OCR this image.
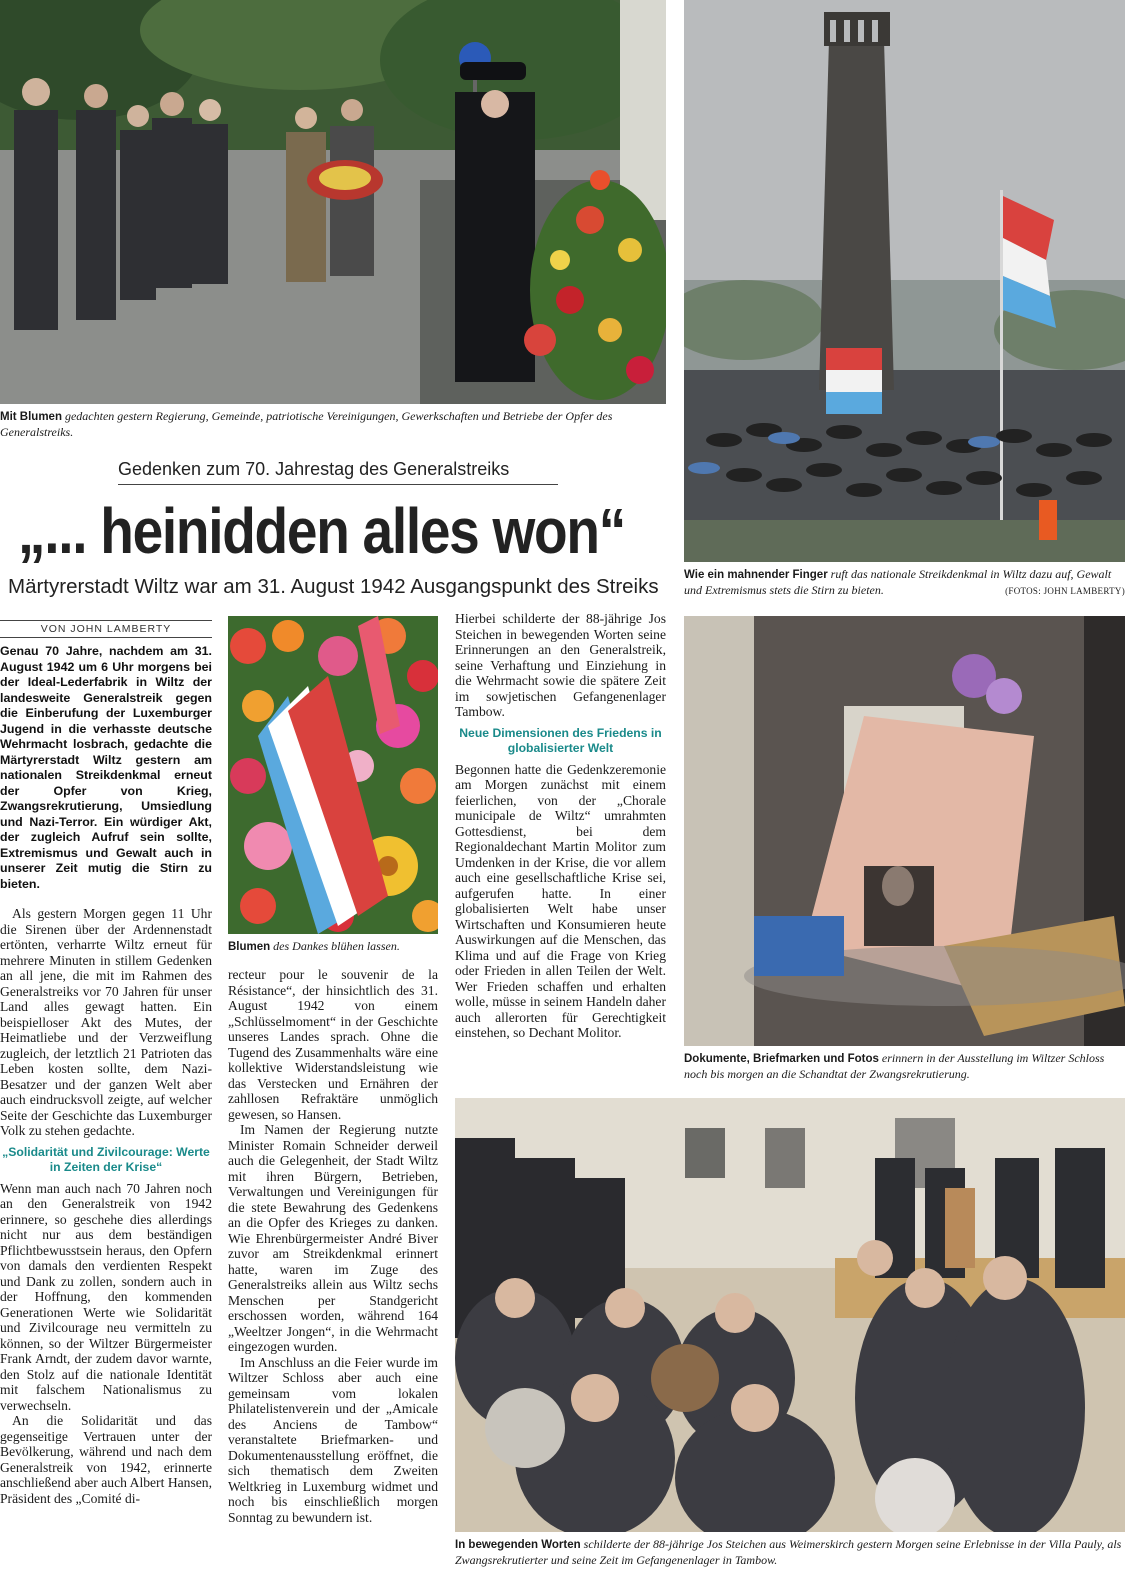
Mit Blumen gedachten gestern Regierung, Gemeinde, patriotische Vereinigungen, Gewerkschaften und Betriebe der Opfer des Generalstreiks.
Wie ein mahnender Finger ruft das nationale Streikdenkmal in Wiltz dazu auf, Gewalt und Extremismus stets die Stirn zu bieten.	(FOTOS: JOHN LAMBERTY)
Gedenken zum 70. Jahrestag des Generalstreiks
„... heinidden alles won“
Märtyrerstadt Wiltz war am 31. August 1942 Ausgangspunkt des Streiks
VON JOHN LAMBERTY
Genau 70 Jahre, nachdem am 31. August 1942 um 6 Uhr morgens bei der Ideal-Lederfabrik in Wiltz der landesweite Generalstreik gegen die Einberufung der Luxemburger Jugend in die verhasste deutsche Wehrmacht losbrach, gedachte die Märtyrerstadt Wiltz gestern am nationalen Streikdenkmal erneut der Opfer von Krieg, Zwangsrekrutierung, Umsiedlung und Nazi-Terror. Ein würdiger Akt, der zugleich Aufruf sein sollte, Extremismus und Gewalt auch in unserer Zeit mutig die Stirn zu bieten.

Als gestern Morgen gegen 11 Uhr die Sirenen über der Ardennenstadt ertönten, verharrte Wiltz erneut für mehrere Minuten in stillem Gedenken an all jene, die mit im Rahmen des Generalstreiks vor 70 Jahren für unser Land alles gewagt hatten. Ein beispielloser Akt des Mutes, der Heimatliebe und der Verzweiflung zugleich, der letztlich 21 Patrioten das Leben kosten sollte, dem Nazi-Besatzer und der ganzen Welt aber auch eindrucksvoll zeigte, auf welcher Seite der Geschichte das Luxemburger Volk zu stehen gedachte.

„Solidarität und Zivilcourage: Werte in Zeiten der Krise“

Wenn man auch nach 70 Jahren noch an den Generalstreik von 1942 erinnere, so geschehe dies allerdings nicht nur aus dem beständigen Pflichtbewusstsein heraus, den Opfern von damals den verdienten Respekt und Dank zu zollen, sondern auch in der Hoffnung, den kommenden Generationen Werte wie Solidarität und Zivilcourage neu vermitteln zu können, so der Wiltzer Bürgermeister Frank Arndt, der zudem davor warnte, den Stolz auf die nationale Identität mit falschem Nationalismus zu verwechseln.

An die Solidarität und das gegenseitige Vertrauen unter der Bevölkerung, während und nach dem Generalstreik von 1942, erinnerte anschließend aber auch Albert Hansen, Präsident des „Comité di-

Blumen des Dankes blühen lassen.

recteur pour le souvenir de la Résistance“, der hinsichtlich des 31. August 1942 von einem „Schlüsselmoment“ in der Geschichte unseres Landes sprach. Ohne die Tugend des Zusammenhalts wäre eine kollektive Widerstandsleistung wie das Verstecken und Ernähren der zahllosen Refraktäre unmöglich gewesen, so Hansen.

Im Namen der Regierung nutzte Minister Romain Schneider derweil auch die Gelegenheit, der Stadt Wiltz mit ihren Bürgern, Betrieben, Verwaltungen und Vereinigungen für die stete Bewahrung des Gedenkens an die Opfer des Krieges zu danken. Wie Ehrenbürgermeister André Biver zuvor am Streikdenkmal erinnert hatte, waren im Zuge des Generalstreiks allein aus Wiltz sechs Menschen per Standgericht erschossen worden, während 164 „Weeltzer Jongen“, in die Wehrmacht eingezogen wurden.

Im Anschluss an die Feier wurde im Wiltzer Schloss aber auch eine gemeinsam vom lokalen Philatelistenverein und der „Amicale des Anciens de Tambow“ veranstaltete Briefmarken- und Dokumentenausstellung eröffnet, die sich thematisch dem Zweiten Weltkrieg in Luxemburg widmet und noch bis einschließlich morgen Sonntag zu bewundern ist.

Hierbei schilderte der 88-jährige Jos Steichen in bewegenden Worten seine Erinnerungen an den Generalstreik, seine Verhaftung und Einziehung in die Wehrmacht sowie die spätere Zeit im sowjetischen Gefangenenlager Tambow.

Neue Dimensionen des Friedens in globalisierter Welt

Begonnen hatte die Gedenkzeremonie am Morgen zunächst mit einem feierlichen, von der „Chorale municipale de Wiltz“ umrahmten Gottesdienst, bei dem Regionaldechant Martin Molitor zum Umdenken in der Krise, die vor allem auch eine gesellschaftliche Krise sei, aufgerufen hatte. In einer globalisierten Welt habe unser Wirtschaften und Konsumieren heute Auswirkungen auf die Menschen, das Klima und auf die Frage von Krieg oder Frieden in allen Teilen der Welt. Wer Frieden schaffen und erhalten wolle, müsse in seinem Handeln daher auch allerorten für Gerechtigkeit einstehen, so Dechant Molitor.

Dokumente, Briefmarken und Fotos erinnern in der Ausstellung im Wiltzer Schloss noch bis morgen an die Schandtat der Zwangsrekrutierung.
In bewegenden Worten schilderte der 88-jährige Jos Steichen aus Weimerskirch gestern Morgen seine Erlebnisse in der Villa Pauly, als Zwangsrekrutierter und seine Zeit im Gefangenenlager in Tambow.
